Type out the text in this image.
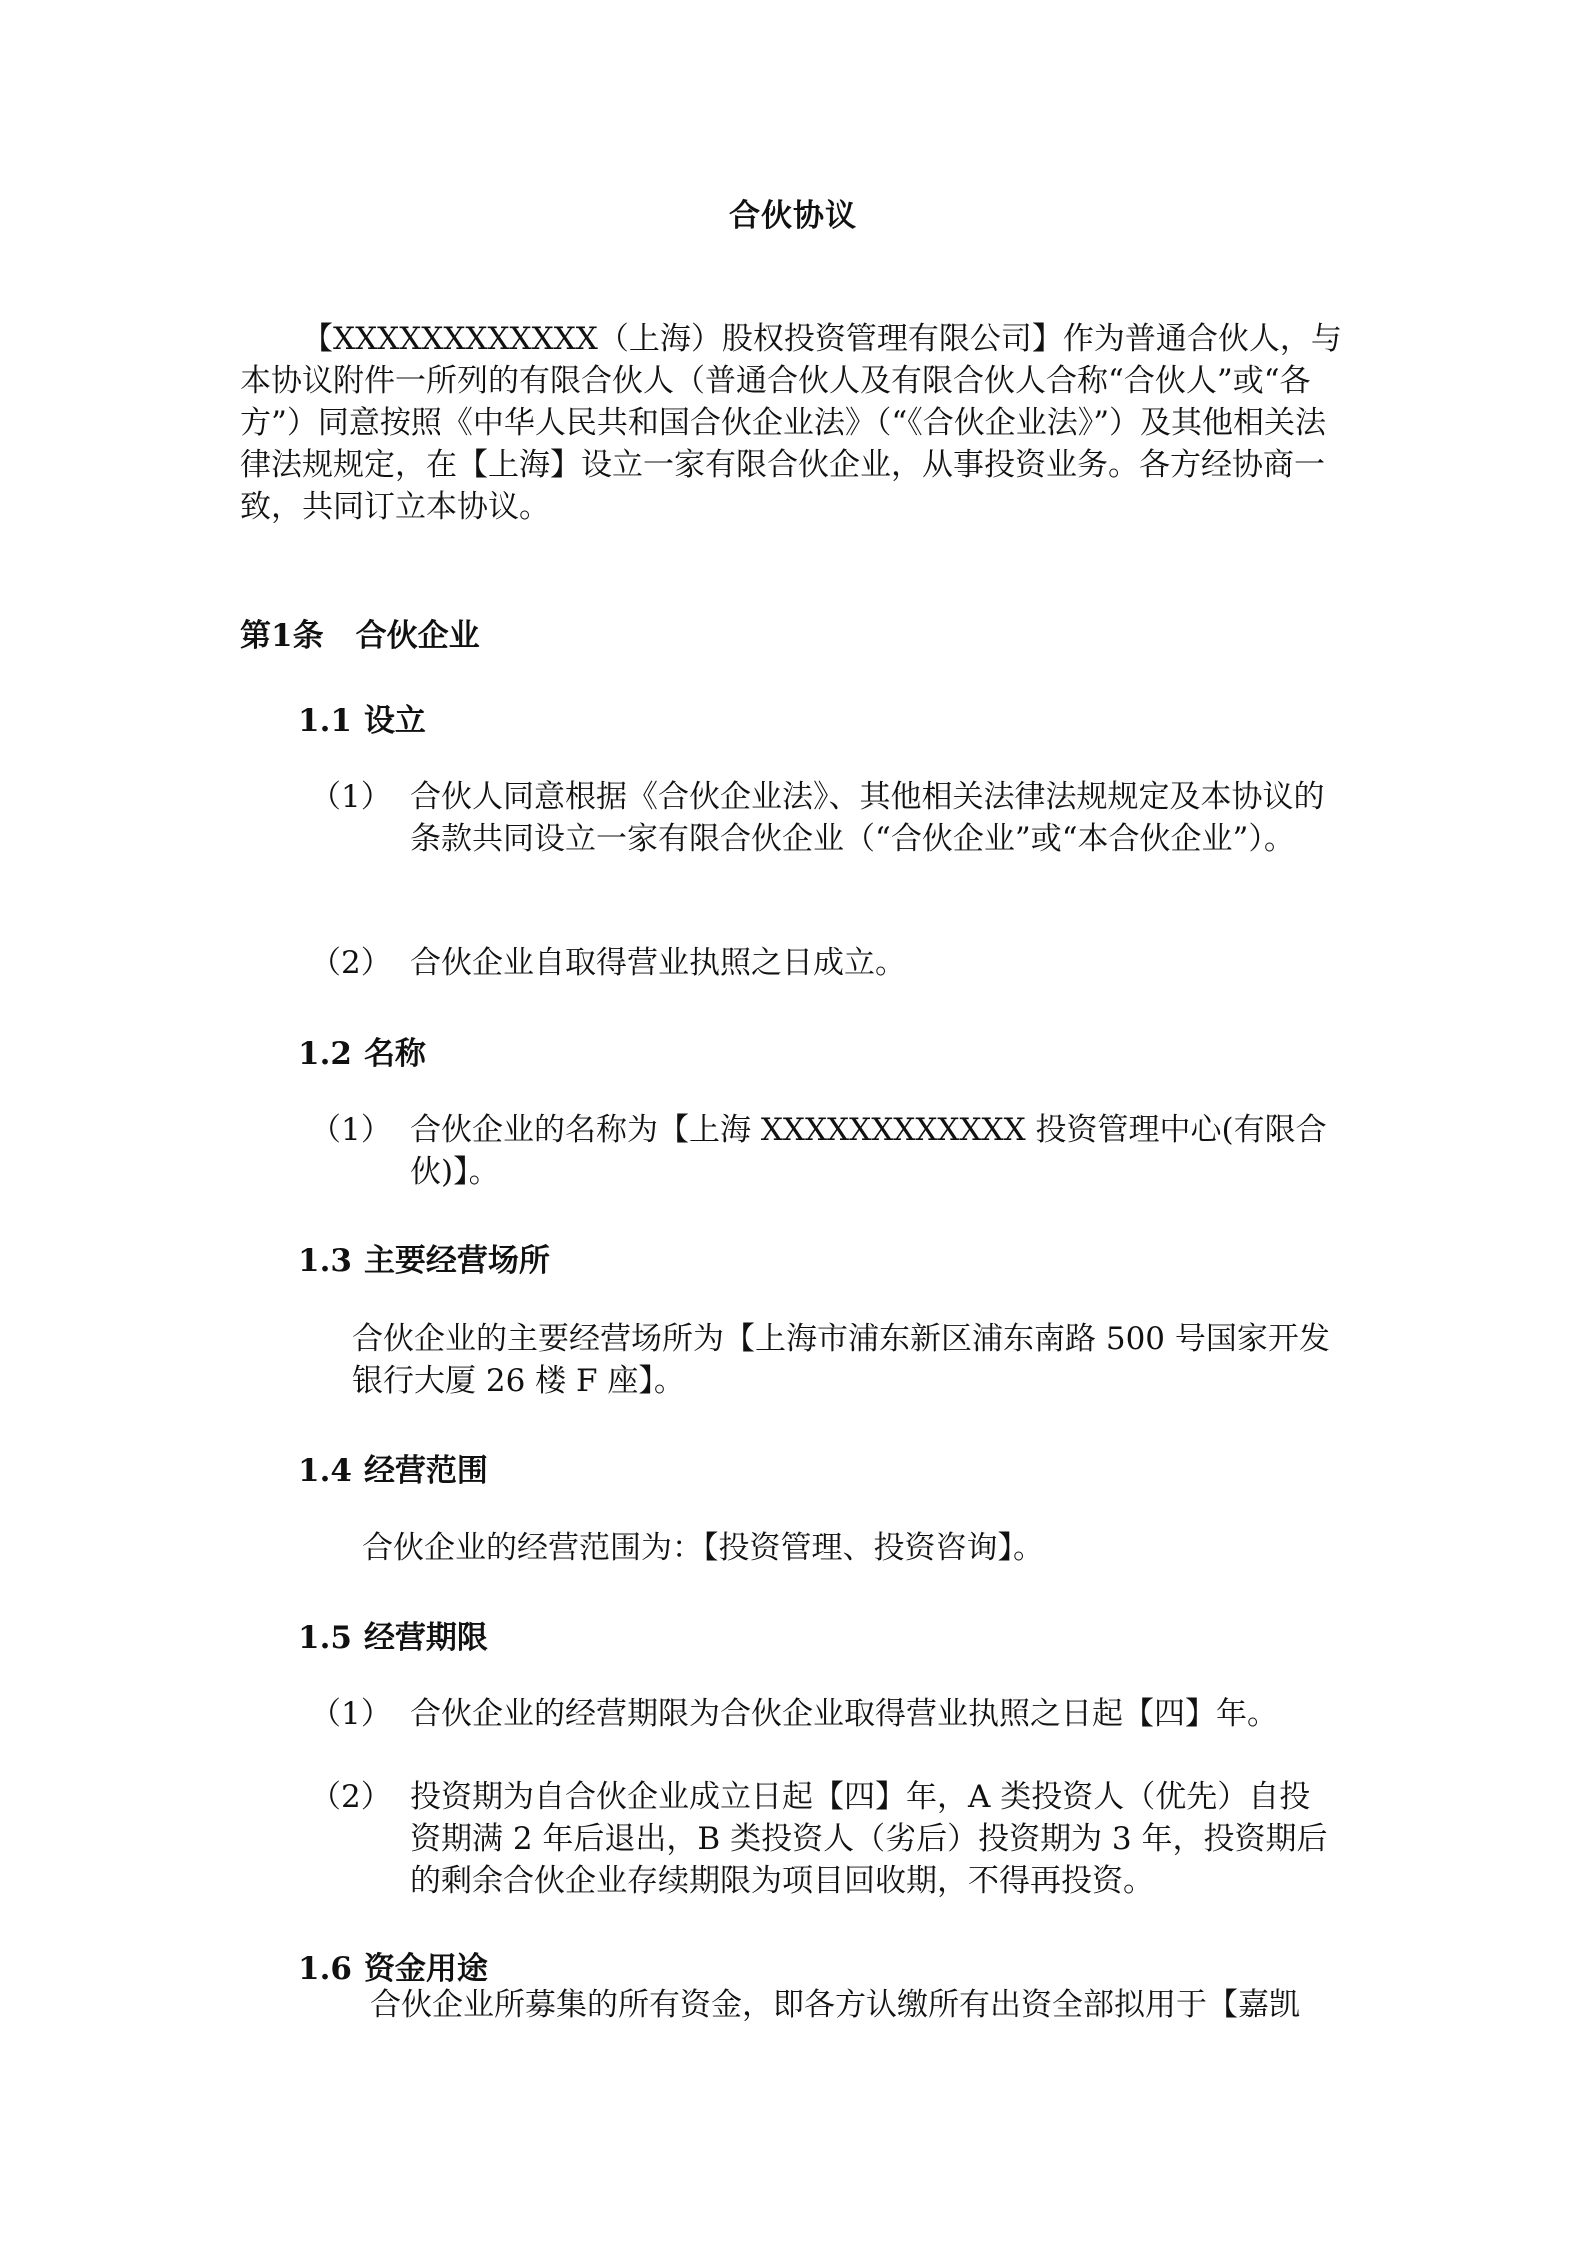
合伙协议

【XXXXXXXXXXXX（上海）股权投资管理有限公司】作为普通合伙人，与本协议附件一所列的有限合伙人（普通合伙人及有限合伙人合称“合伙人”或“各方”）同意按照《中华人民共和国合伙企业法》（“《合伙企业法》”）及其他相关法律法规规定，在【上海】设立一家有限合伙企业，从事投资业务。各方经协商一致，共同订立本协议。

第1条 合伙企业
1.1 设立
（1） 合伙人同意根据《合伙企业法》、其他相关法律法规规定及本协议的条款共同设立一家有限合伙企业（“合伙企业”或“本合伙企业”）。
（2） 合伙企业自取得营业执照之日成立。
1.2 名称
（1） 合伙企业的名称为【上海 XXXXXXXXXXXX 投资管理中心(有限合伙)】。
1.3 主要经营场所

合伙企业的主要经营场所为【上海市浦东新区浦东南路 500 号国家开发银行大厦 26 楼 F 座】。

1.4 经营范围

合伙企业的经营范围为：【投资管理、投资咨询】。

1.5 经营期限
（1） 合伙企业的经营期限为合伙企业取得营业执照之日起【四】年。
（2） 投资期为自合伙企业成立日起【四】年，A 类投资人（优先）自投资期满 2 年后退出，B 类投资人（劣后）投资期为 3 年，投资期后的剩余合伙企业存续期限为项目回收期，不得再投资。
1.6 资金用途

合伙企业所募集的所有资金，即各方认缴所有出资全部拟用于【嘉凯
